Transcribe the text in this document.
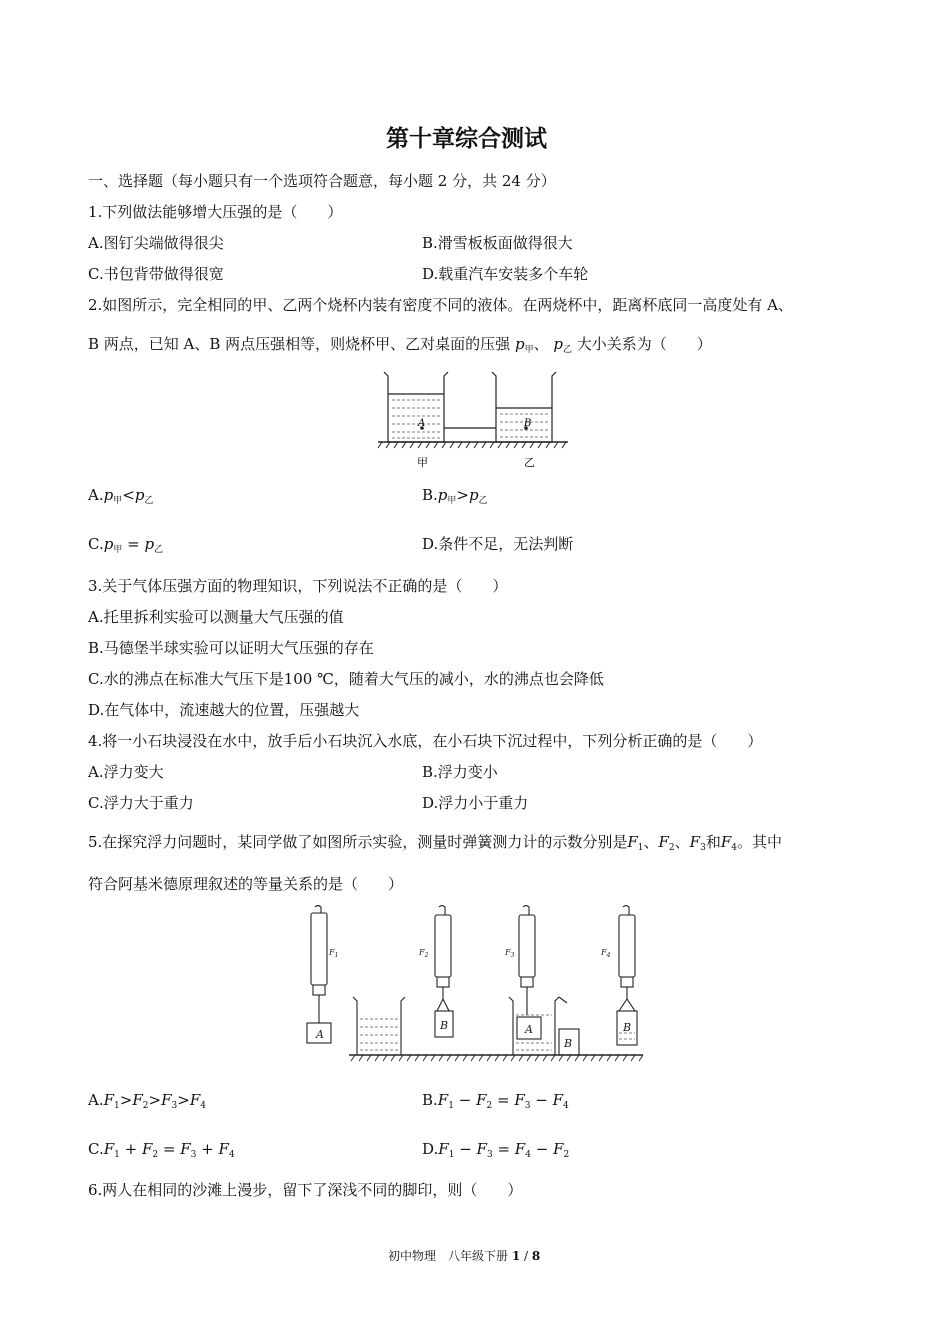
第十章综合测试
一、选择题（每小题只有一个选项符合题意，每小题 2 分，共 24 分）
1.下列做法能够增大压强的是（　　）
A.图钉尖端做得很尖	B.滑雪板板面做得很大
C.书包背带做得很宽	D.载重汽车安装多个车轮
2.如图所示，完全相同的甲、乙两个烧杯内装有密度不同的液体。在两烧杯中，距离杯底同一高度处有 A、
B 两点，已知 A、B 两点压强相等，则烧杯甲、乙对桌面的压强 $p_甲$、 $p_乙$ 大小关系为（　　）
A	B
甲	乙
$A.p_甲<p_乙$	$B.p_甲>p_乙$
$C.p_甲 = p_乙$	D.条件不足，无法判断
3.关于气体压强方面的物理知识，下列说法不正确的是（　　）
A.托里拆利实验可以测量大气压强的值
B.马德堡半球实验可以证明大气压强的存在
C.水的沸点在标准大气压下是100 ℃，随着大气压的减小，水的沸点也会降低
D.在气体中，流速越大的位置，压强越大
4.将一小石块浸没在水中，放手后小石块沉入水底，在小石块下沉过程中，下列分析正确的是（　　）
A.浮力变大	B.浮力变小
C.浮力大于重力	D.浮力小于重力
5.在探究浮力问题时，某同学做了如图所示实验，测量时弹簧测力计的示数分别是$F_1$、$F_2$、$F_3$和$F_4$。其中
符合阿基米德原理叙述的等量关系的是（　　）
$F_1$	$F_2$	$F_3$	$F_4$
A
B	A
B
B
$A.F_1>F_2>F_3>F_4$	$B.F_1 - F_2 = F_3 - F_4$
$C.F_1 + F_2 = F_3 + F_4$	$D.F_1 - F_3 = F_4 - F_2$
6.两人在相同的沙滩上漫步，留下了深浅不同的脚印，则（　　）
初中物理　八年级下册 1 / 8
